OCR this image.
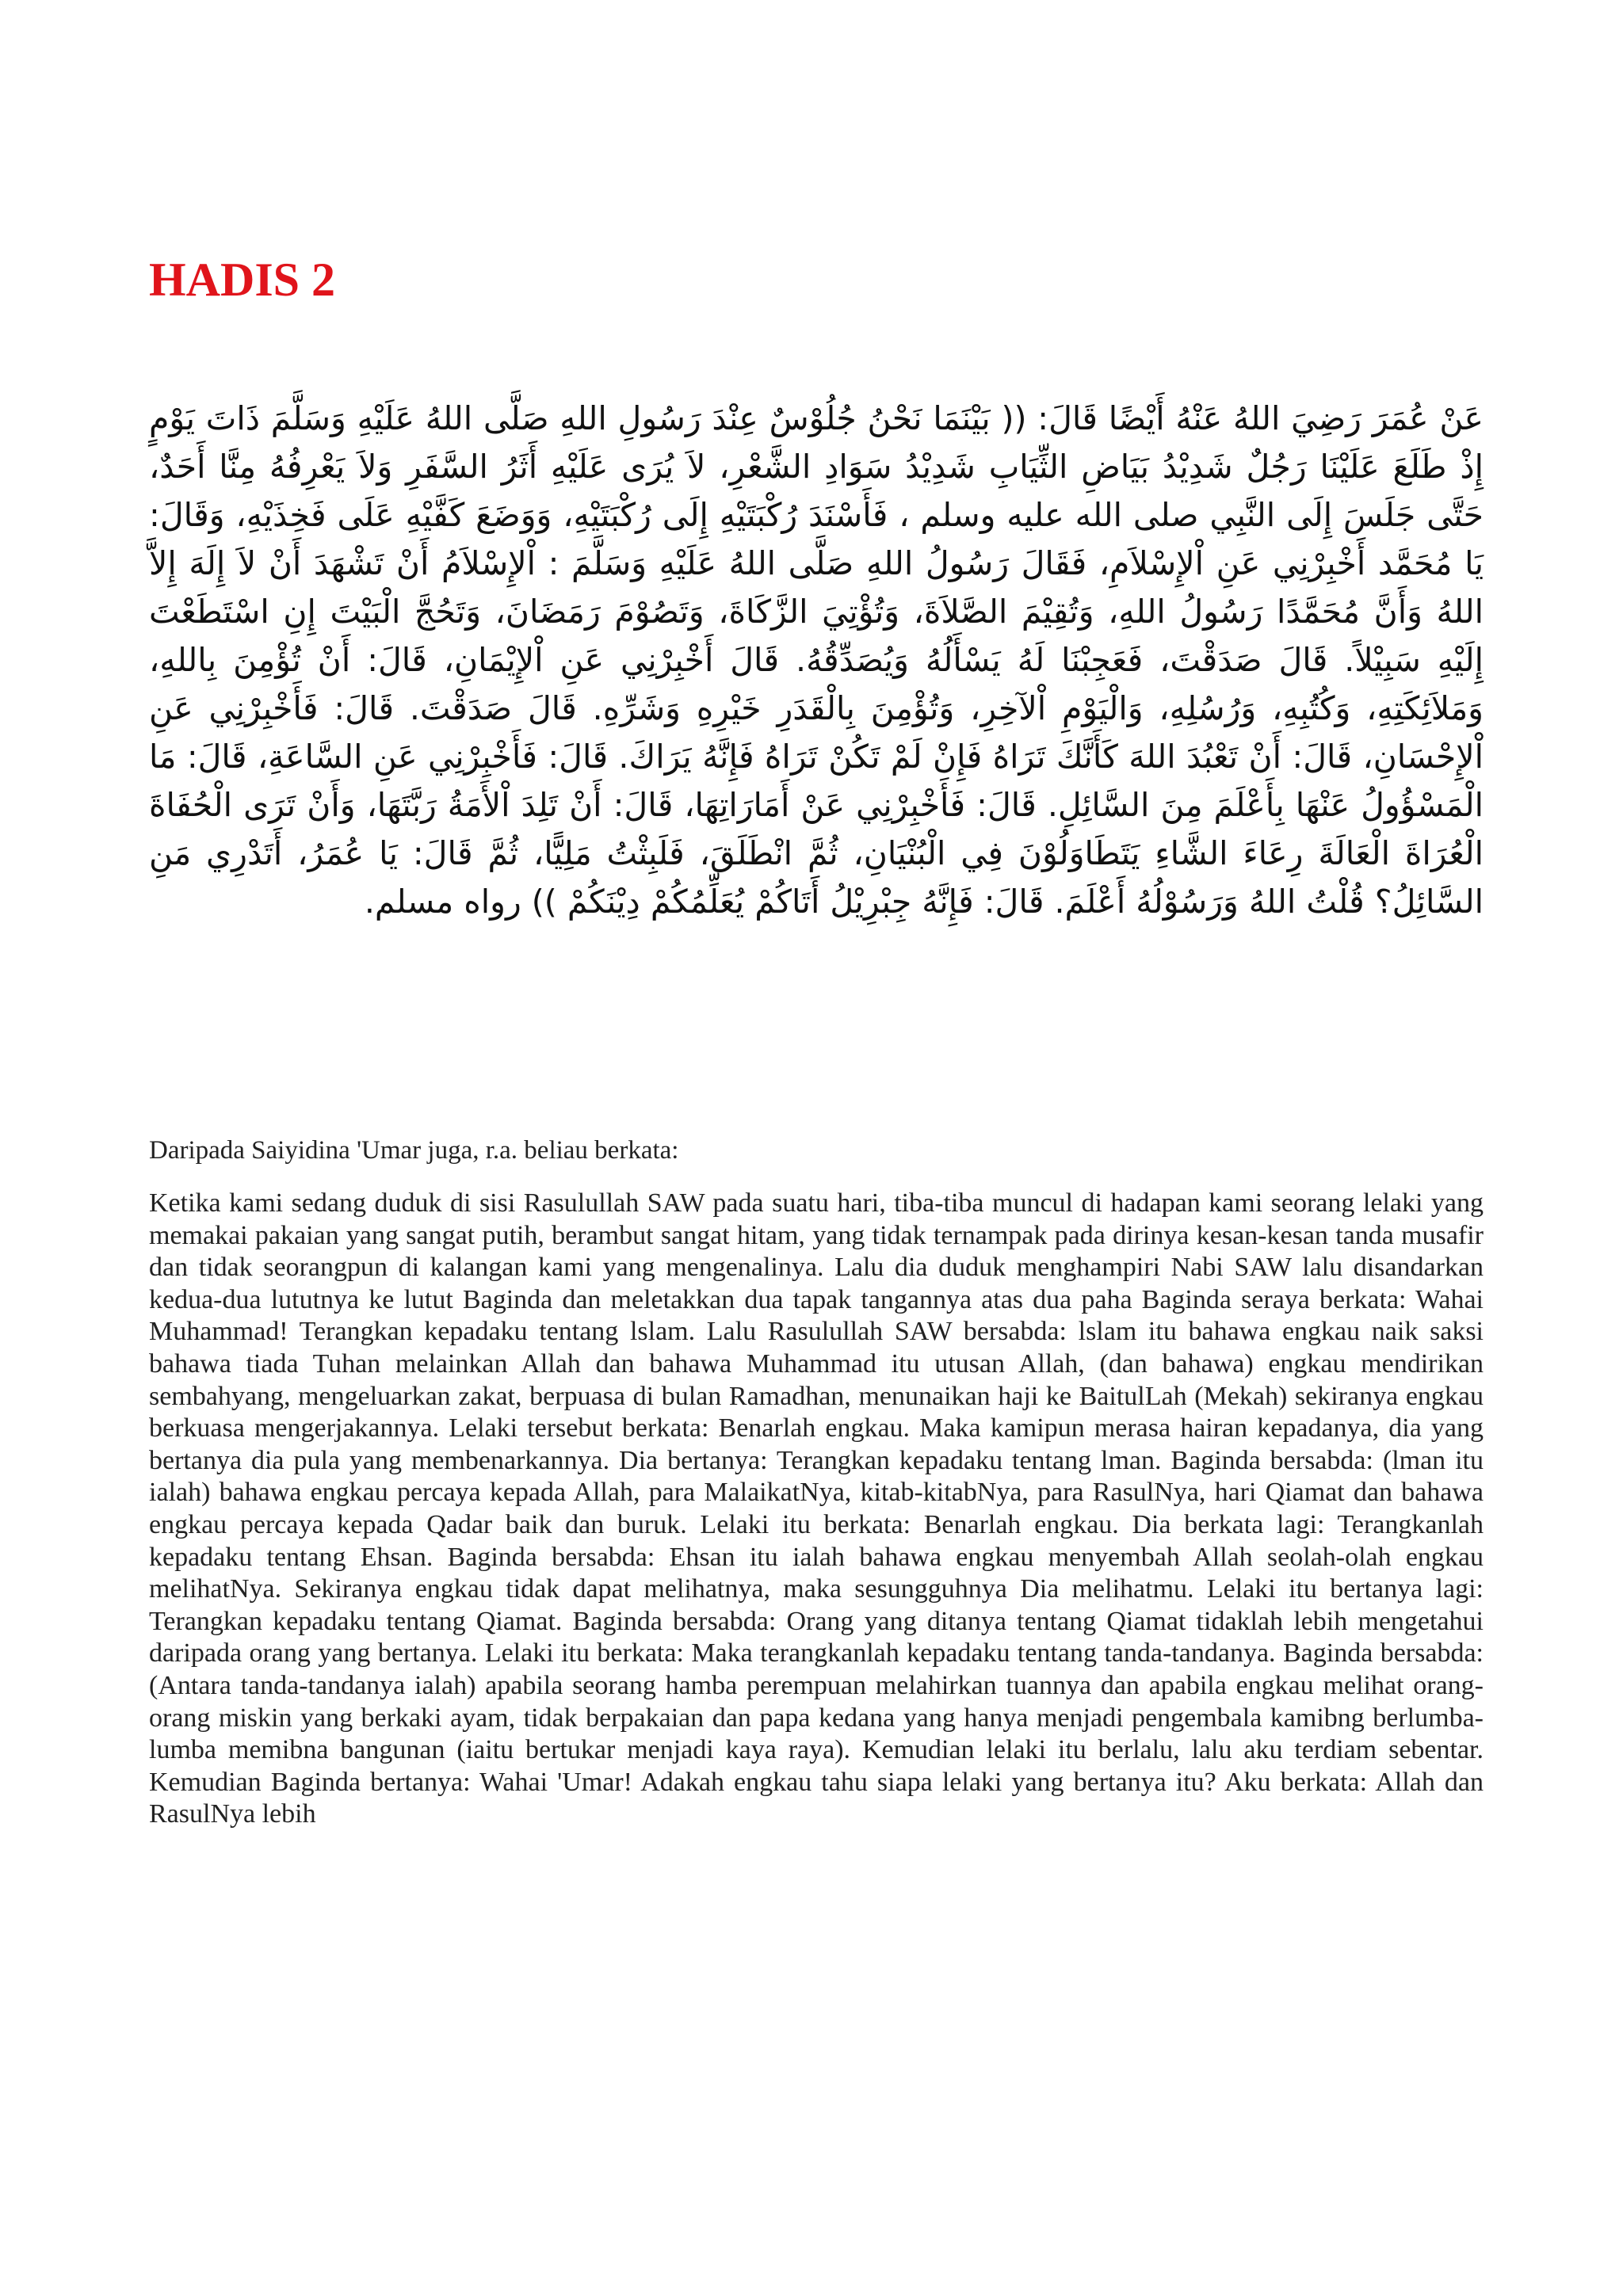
HADIS 2

عَنْ عُمَرَ رَضِيَ اللهُ عَنْهُ أَيْضًا قَالَ: (( بَيْنَمَا نَحْنُ جُلُوْسٌ عِنْدَ رَسُولِ اللهِ صَلَّى اللهُ عَلَيْهِ وَسَلَّمَ ذَاتَ يَوْمٍ إِذْ طَلَعَ عَلَيْنَا رَجُلٌ شَدِيْدُ بَيَاضِ الثِّيَابِ شَدِيْدُ سَوَادِ الشَّعْرِ، لاَ يُرَى عَلَيْهِ أَثَرُ السَّفَرِ وَلاَ يَعْرِفُهُ مِنَّا أَحَدٌ، حَتَّى جَلَسَ إِلَى النَّبِي صلى الله عليه وسلم ، فَأَسْنَدَ رُكْبَتَيْهِ إِلَى رُكْبَتَيْهِ، وَوَضَعَ كَفَّيْهِ عَلَى فَخِذَيْهِ، وَقَالَ: يَا مُحَمَّد أَخْبِرْنِي عَنِ اْلإِسْلاَمِ، فَقَالَ رَسُولُ اللهِ صَلَّى اللهُ عَلَيْهِ وَسَلَّمَ : اْلإِسْلاَمُ أَنْ تَشْهَدَ أَنْ لاَ إِلَهَ إِلاَّ اللهُ وَأَنَّ مُحَمَّدًا رَسُولُ اللهِ، وَتُقِيْمَ الصَّلاَةَ، وَتُؤْتِيَ الزَّكَاةَ، وَتَصُوْمَ رَمَضَانَ، وَتَحُجَّ الْبَيْتَ إِنِ اسْتَطَعْتَ إِلَيْهِ سَبِيْلاً. قَالَ صَدَقْتَ، فَعَجِبْنَا لَهُ يَسْأَلُهُ وَيُصَدِّقُهُ. قَالَ أَخْبِرْنِي عَنِ اْلإِيْمَانِ، قَالَ: أَنْ تُؤْمِنَ بِاللهِ، وَمَلاَئِكَتِهِ، وَكُتُبِهِ، وَرُسُلِهِ، وَالْيَوْمِ اْلآخِرِ، وَتُؤْمِنَ بِالْقَدَرِ خَيْرِهِ وَشَرِّهِ. قَالَ صَدَقْتَ. قَالَ: فَأَخْبِرْنِي عَنِ اْلإِحْسَانِ، قَالَ: أَنْ تَعْبُدَ اللهَ كَأَنَّكَ تَرَاهُ فَإِنْ لَمْ تَكُنْ تَرَاهُ فَإِنَّهُ يَرَاكَ. قَالَ: فَأَخْبِرْنِي عَنِ السَّاعَةِ، قَالَ: مَا الْمَسْؤُولُ عَنْهَا بِأَعْلَمَ مِنَ السَّائِلِ. قَالَ: فَأَخْبِرْنِي عَنْ أَمَارَاتِهَا، قَالَ: أَنْ تَلِدَ اْلأَمَةُ رَبَّتَهَا، وَأَنْ تَرَى الْحُفَاةَ الْعُرَاةَ الْعَالَةَ رِعَاءَ الشَّاءِ يَتَطَاوَلُوْنَ فِي الْبُنْيَانِ، ثُمَّ انْطَلَقَ، فَلَبِثْتُ مَلِيًّا، ثُمَّ قَالَ: يَا عُمَرُ، أَتَدْرِي مَنِ السَّائِلُ؟ قُلْتُ اللهُ وَرَسُوْلُهُ أَعْلَمَ. قَالَ: فَإِنَّهُ جِبْرِيْلُ أَتَاكُمْ يُعَلِّمُكُمْ دِيْنَكُمْ )) رواه مسلم.

Daripada Saiyidina 'Umar juga, r.a. beliau berkata:

Ketika kami sedang duduk di sisi Rasulullah SAW pada suatu hari, tiba-tiba muncul di hadapan kami seorang lelaki yang memakai pakaian yang sangat putih, berambut sangat hitam, yang tidak ternampak pada dirinya kesan-kesan tanda musafir dan tidak seorangpun di kalangan kami yang mengenalinya. Lalu dia duduk menghampiri Nabi SAW lalu disandarkan kedua-dua lututnya ke lutut Baginda dan meletakkan dua tapak tangannya atas dua paha Baginda seraya berkata: Wahai Muhammad! Terangkan kepadaku tentang lslam. Lalu Rasulullah SAW bersabda: lslam itu bahawa engkau naik saksi bahawa tiada Tuhan melainkan Allah dan bahawa Muhammad itu utusan Allah, (dan bahawa) engkau mendirikan sembahyang, mengeluarkan zakat, berpuasa di bulan Ramadhan, menunaikan haji ke BaitulLah (Mekah) sekiranya engkau berkuasa mengerjakannya. Lelaki tersebut berkata: Benarlah engkau. Maka kamipun merasa hairan kepadanya, dia yang bertanya dia pula yang membenarkannya. Dia bertanya: Terangkan kepadaku tentang lman. Baginda bersabda: (lman itu ialah) bahawa engkau percaya kepada Allah, para MalaikatNya, kitab-kitabNya, para RasulNya, hari Qiamat dan bahawa engkau percaya kepada Qadar baik dan buruk. Lelaki itu berkata: Benarlah engkau. Dia berkata lagi: Terangkanlah kepadaku tentang Ehsan. Baginda bersabda: Ehsan itu ialah bahawa engkau menyembah Allah seolah-olah engkau melihatNya. Sekiranya engkau tidak dapat melihatnya, maka sesungguhnya Dia melihatmu. Lelaki itu bertanya lagi: Terangkan kepadaku tentang Qiamat. Baginda bersabda: Orang yang ditanya tentang Qiamat tidaklah lebih mengetahui daripada orang yang bertanya. Lelaki itu berkata: Maka terangkanlah kepadaku tentang tanda-tandanya. Baginda bersabda: (Antara tanda-tandanya ialah) apabila seorang hamba perempuan melahirkan tuannya dan apabila engkau melihat orang-orang miskin yang berkaki ayam, tidak berpakaian dan papa kedana yang hanya menjadi pengembala kamibng berlumba-lumba memibna bangunan (iaitu bertukar menjadi kaya raya). Kemudian lelaki itu berlalu, lalu aku terdiam sebentar. Kemudian Baginda bertanya: Wahai 'Umar! Adakah engkau tahu siapa lelaki yang bertanya itu? Aku berkata: Allah dan RasulNya lebih
